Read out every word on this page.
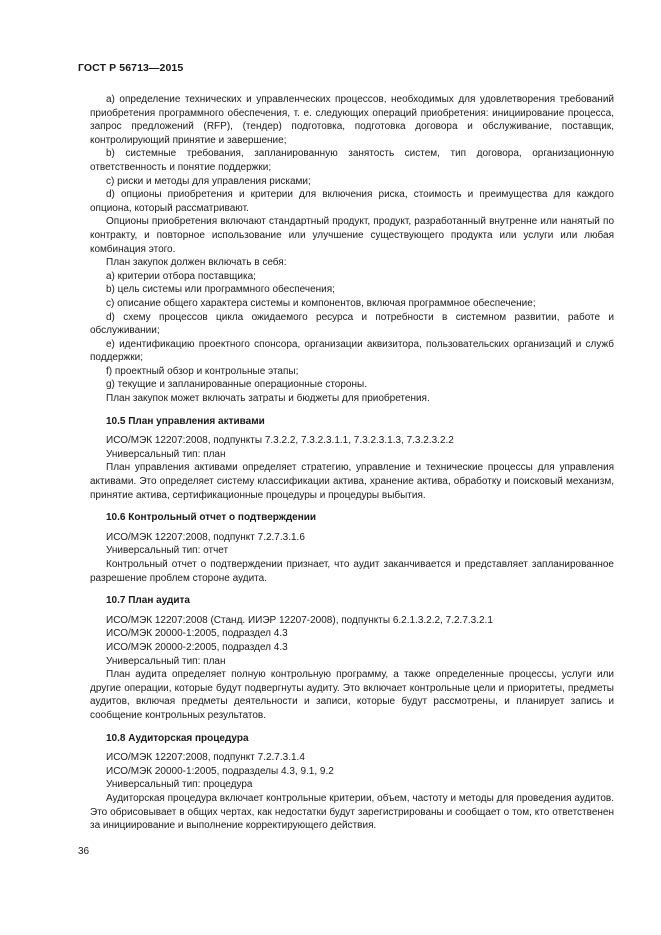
ГОСТ Р 56713—2015

а) определение технических и управленческих процессов, необходимых для удовлетворения требований приобретения программного обеспечения, т. е. следующих операций приобретения: инициирование процесса, запрос предложений (RFP), (тендер) подготовка, подготовка договора и обслуживание, поставщик, контролирующий принятие и завершение;

b) системные требования, запланированную занятость систем, тип договора, организационную ответственность и понятие поддержки;

с) риски и методы для управления рисками;

d) опционы приобретения и критерии для включения риска, стоимость и преимущества для каждого опциона, который рассматривают.

Опционы приобретения включают стандартный продукт, продукт, разработанный внутренне или нанятый по контракту, и повторное использование или улучшение существующего продукта или услуги или любая комбинация этого.

План закупок должен включать в себя:

а) критерии отбора поставщика;

b) цель системы или программного обеспечения;

с) описание общего характера системы и компонентов, включая программное обеспечение;

d) схему процессов цикла ожидаемого ресурса и потребности в системном развитии, работе и обслуживании;

е) идентификацию проектного спонсора, организации аквизитора, пользовательских организаций и служб поддержки;

f) проектный обзор и контрольные этапы;

g) текущие и запланированные операционные стороны.

План закупок может включать затраты и бюджеты для приобретения.

10.5 План управления активами

ИСО/МЭК 12207:2008, подпункты 7.3.2.2, 7.3.2.3.1.1, 7.3.2.3.1.3, 7.3.2.3.2.2

Универсальный тип: план

План управления активами определяет стратегию, управление и технические процессы для управления активами. Это определяет систему классификации актива, хранение актива, обработку и поисковый механизм, принятие актива, сертификационные процедуры и процедуры выбытия.

10.6 Контрольный отчет о подтверждении

ИСО/МЭК 12207:2008, подпункт 7.2.7.3.1.6

Универсальный тип: отчет

Контрольный отчет о подтверждении признает, что аудит заканчивается и представляет запланированное разрешение проблем стороне аудита.

10.7 План аудита

ИСО/МЭК 12207:2008 (Станд. ИИЭР 12207-2008), подпункты 6.2.1.3.2.2, 7.2.7.3.2.1

ИСО/МЭК 20000-1:2005, подраздел 4.3

ИСО/МЭК 20000-2:2005, подраздел 4.3

Универсальный тип: план

План аудита определяет полную контрольную программу, а также определенные процессы, услуги или другие операции, которые будут подвергнуты аудиту. Это включает контрольные цели и приоритеты, предметы аудитов, включая предметы деятельности и записи, которые будут рассмотрены, и планирует запись и сообщение контрольных результатов.

10.8 Аудиторская процедура

ИСО/МЭК 12207:2008, подпункт 7.2.7.3.1.4

ИСО/МЭК 20000-1:2005, подразделы 4.3, 9.1, 9.2

Универсальный тип: процедура

Аудиторская процедура включает контрольные критерии, объем, частоту и методы для проведения аудитов. Это обрисовывает в общих чертах, как недостатки будут зарегистрированы и сообщает о том, кто ответственен за инициирование и выполнение корректирующего действия.

36
